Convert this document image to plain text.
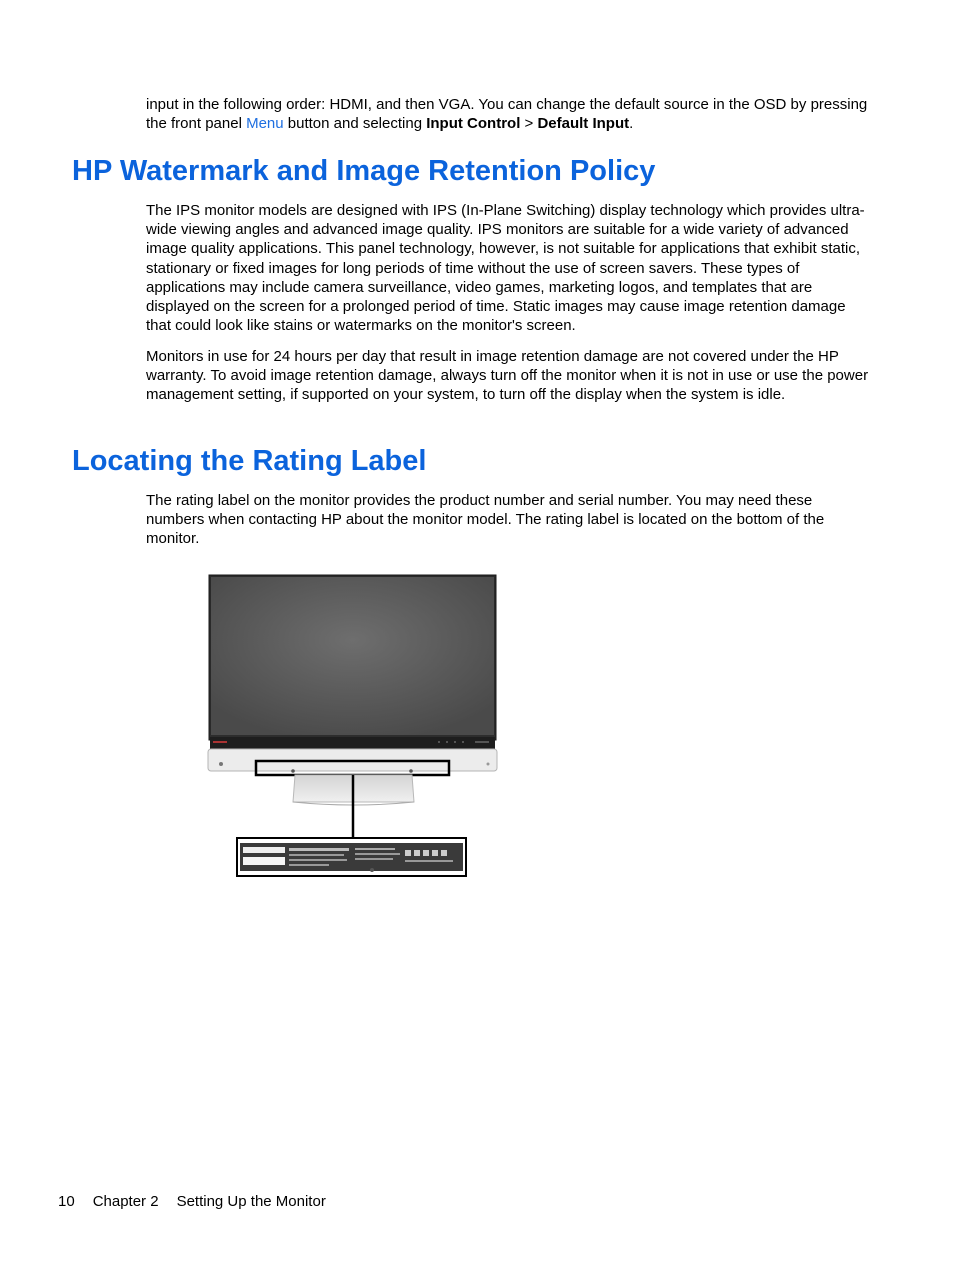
input in the following order: HDMI, and then VGA. You can change the default source in the OSD by pressing the front panel Menu button and selecting Input Control > Default Input.

HP Watermark and Image Retention Policy

The IPS monitor models are designed with IPS (In-Plane Switching) display technology which provides ultra-wide viewing angles and advanced image quality. IPS monitors are suitable for a wide variety of advanced image quality applications. This panel technology, however, is not suitable for applications that exhibit static, stationary or fixed images for long periods of time without the use of screen savers. These types of applications may include camera surveillance, video games, marketing logos, and templates that are displayed on the screen for a prolonged period of time. Static images may cause image retention damage that could look like stains or watermarks on the monitor's screen.

Monitors in use for 24 hours per day that result in image retention damage are not covered under the HP warranty. To avoid image retention damage, always turn off the monitor when it is not in use or use the power management setting, if supported on your system, to turn off the display when the system is idle.

Locating the Rating Label

The rating label on the monitor provides the product number and serial number. You may need these numbers when contacting HP about the monitor model. The rating label is located on the bottom of the monitor.

10 Chapter 2 Setting Up the Monitor
